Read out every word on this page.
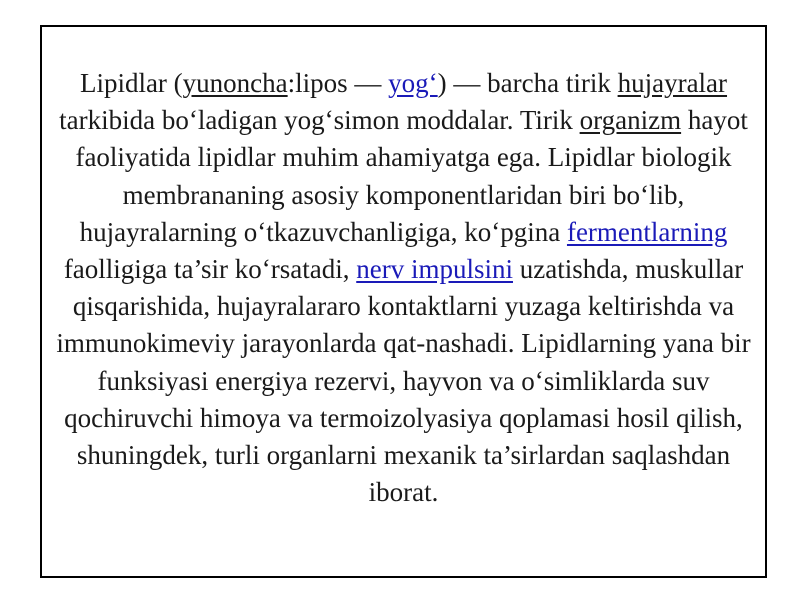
Lipidlar (yunoncha:lipos — yog‘) — barcha tirik hujayralar tarkibida bo‘ladigan yog‘simon moddalar. Tirik organizm hayot faoliyatida lipidlar muhim ahamiyatga ega. Lipidlar biologik membrananing asosiy komponentlaridan biri bo‘lib, hujayralarning o‘tkazuvchanligiga, ko‘pgina fermentlarning faolligiga ta’sir ko‘rsatadi, nerv impulsini uzatishda, muskullar qisqarishida, hujayralararo kontaktlarni yuzaga keltirishda va immunokimeviy jarayonlarda qat-nashadi. Lipidlarning yana bir funksiyasi energiya rezervi, hayvon va o‘simliklarda suv qochiruvchi himoya va termoizolyasiya qoplamasi hosil qilish, shuningdek, turli organlarni mexanik ta’sirlardan saqlashdan iborat.
